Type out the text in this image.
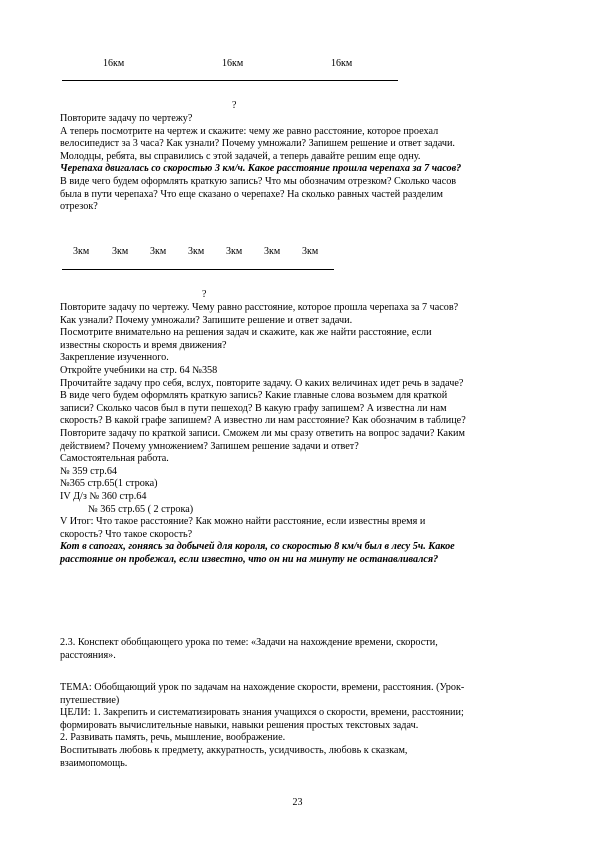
16км	16км	16км
?

Повторите задачу по чертежу?

А теперь посмотрите на чертеж и скажите: чему же равно расстояние, которое проехал

велосипедист за 3 часа? Как узнали? Почему умножали? Запишем решение и ответ задачи.

Молодцы, ребята, вы справились с этой задачей, а теперь давайте решим еще одну.

Черепаха двигалась со скоростью 3 км/ч. Какое расстояние прошла черепаха за 7 часов?

В виде чего будем оформлять краткую запись? Что мы обозначим отрезком? Сколько часов

была в пути черепаха? Что еще сказано о черепахе? На сколько равных частей разделим

отрезок?

3км 3км 3км 3км 3км 3км 3км
?

Повторите задачу по чертежу. Чему равно расстояние, которое прошла черепаха за 7 часов?

Как узнали? Почему умножали? Запишите решение и ответ задачи.

Посмотрите внимательно на решения задач и скажите, как же найти расстояние, если

известны скорость и время движения?

Закрепление изученного.

Откройте учебники на стр. 64 №358

Прочитайте задачу про себя, вслух, повторите задачу. О каких величинах идет речь в задаче?

В виде чего будем оформлять краткую запись? Какие главные слова возьмем для краткой

записи? Сколько часов был в пути пешеход? В какую графу запишем? А известна ли нам

скорость? В какой графе запишем? А известно ли нам расстояние? Как обозначим в таблице?

Повторите задачу по краткой записи. Сможем ли мы сразу ответить на вопрос задачи? Каким

действием? Почему умножением? Запишем решение задачи и ответ?

Самостоятельная работа.

№ 359 стр.64

№365 стр.65(1 строка)

IV Д/з № 360 стр.64

№ 365 стр.65 ( 2 строка)

V Итог: Что такое расстояние? Как можно найти расстояние, если известны время и

скорость? Что такое скорость?

Кот в сапогах, гоняясь за добычей для короля, со скоростью 8 км/ч был в лесу 5ч. Какое

расстояние он пробежал, если известно, что он ни на минуту не останавливался?

2.3. Конспект обобщающего урока по теме: «Задачи на нахождение времени, скорости,

расстояния».

ТЕМА: Обобщающий урок по задачам на нахождение скорости, времени, расстояния. (Урок-

путешествие)

ЦЕЛИ: 1. Закрепить и систематизировать знания учащихся о скорости, времени, расстоянии;

формировать вычислительные навыки, навыки решения простых текстовых задач.

2. Развивать память, речь, мышление, воображение.

Воспитывать любовь к предмету, аккуратность, усидчивость, любовь к сказкам,

взаимопомощь.

23
